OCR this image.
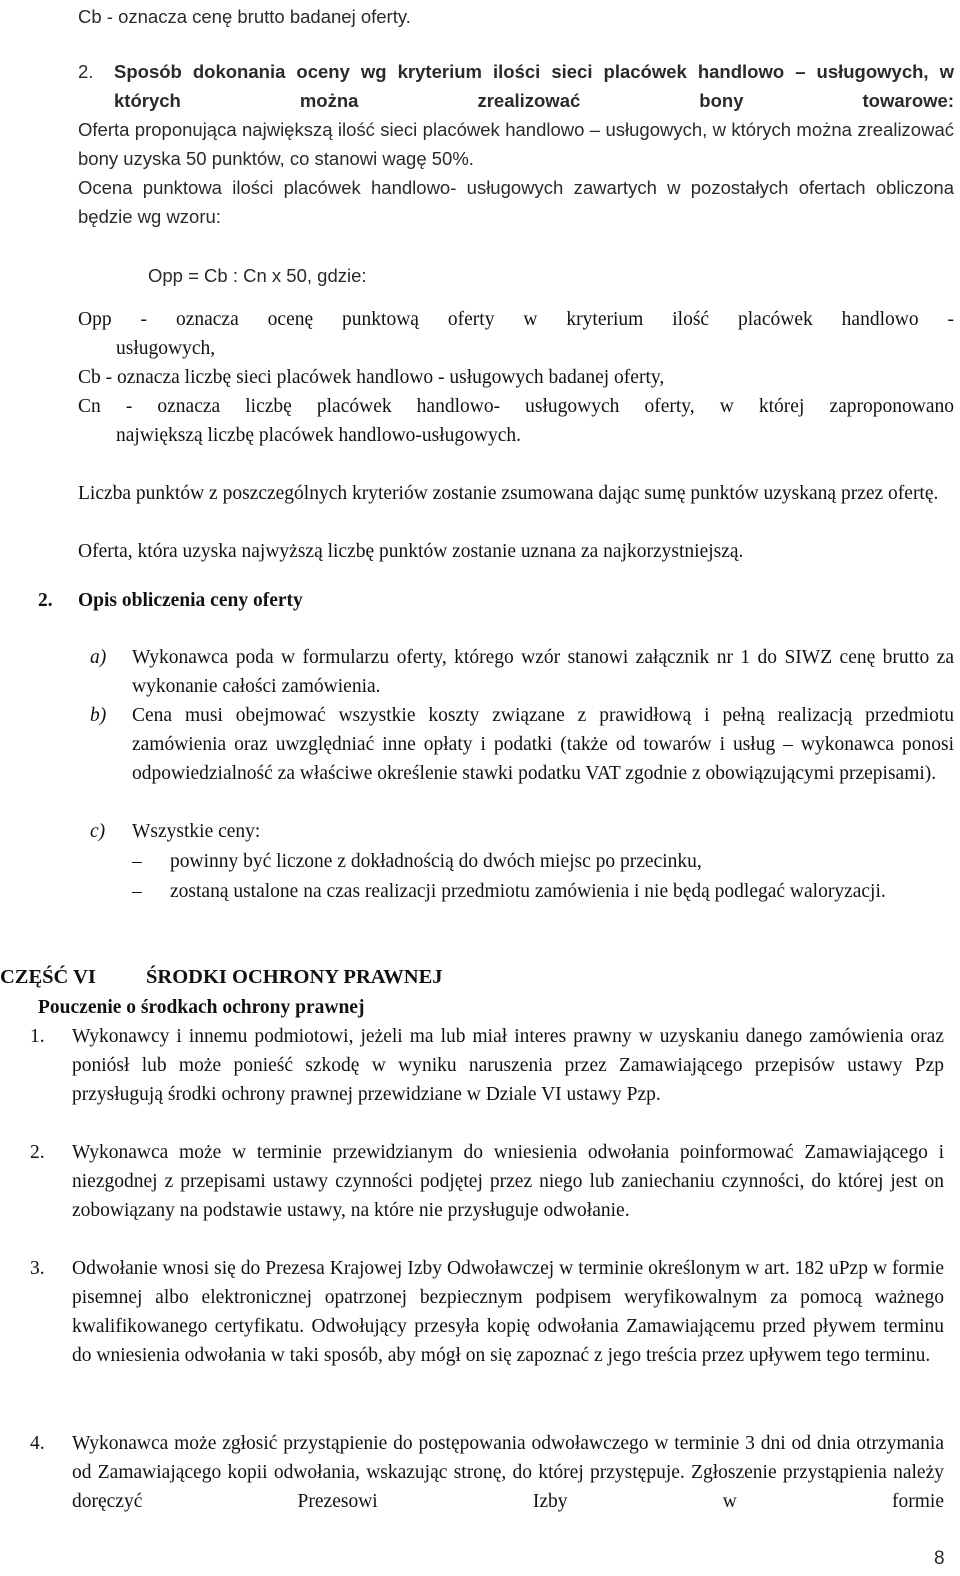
Cb - oznacza cenę brutto badanej oferty.
2. Sposób dokonania oceny wg kryterium ilości sieci placówek handlowo – usługowych, w których można zrealizować bony towarowe:
Oferta proponująca największą ilość sieci placówek handlowo – usługowych, w których można zrealizować bony uzyska 50 punktów, co stanowi wagę 50%.
Ocena punktowa ilości placówek handlowo- usługowych zawartych w pozostałych ofertach obliczona będzie wg wzoru:
Opp = Cb : Cn x 50, gdzie:
Opp - oznacza ocenę punktową oferty w kryterium ilość placówek handlowo -
usługowych,
Cb - oznacza liczbę sieci placówek handlowo - usługowych badanej oferty,
Cn - oznacza liczbę placówek handlowo- usługowych oferty, w której zaproponowano
największą liczbę placówek handlowo-usługowych.
Liczba punktów z poszczególnych kryteriów zostanie zsumowana dając sumę punktów uzyskaną przez ofertę.
Oferta, która uzyska najwyższą liczbę punktów zostanie uznana za najkorzystniejszą.
2. Opis obliczenia ceny oferty
a) Wykonawca poda w formularzu oferty, którego wzór stanowi załącznik nr 1 do SIWZ cenę brutto za wykonanie całości zamówienia.
b) Cena musi obejmować wszystkie koszty związane z prawidłową i pełną realizacją przedmiotu zamówienia oraz uwzględniać inne opłaty i podatki (także od towarów i usług – wykonawca ponosi odpowiedzialność za właściwe określenie stawki podatku VAT zgodnie z obowiązującymi przepisami).
c) Wszystkie ceny:
– powinny być liczone z dokładnością do dwóch miejsc po przecinku,
– zostaną ustalone na czas realizacji przedmiotu zamówienia i nie będą podlegać waloryzacji.
CZĘŚĆ VI ŚRODKI OCHRONY PRAWNEJ
Pouczenie o środkach ochrony prawnej
1. Wykonawcy i innemu podmiotowi, jeżeli ma lub miał interes prawny w uzyskaniu danego zamówienia oraz poniósł lub może ponieść szkodę w wyniku naruszenia przez Zamawiającego przepisów ustawy Pzp przysługują środki ochrony prawnej przewidziane w Dziale VI ustawy Pzp.
2. Wykonawca może w terminie przewidzianym do wniesienia odwołania poinformować Zamawiającego i niezgodnej z przepisami ustawy czynności podjętej przez niego lub zaniechaniu czynności, do której jest on zobowiązany na podstawie ustawy, na które nie przysługuje odwołanie.
3. Odwołanie wnosi się do Prezesa Krajowej Izby Odwoławczej w terminie określonym w art. 182 uPzp w formie pisemnej albo elektronicznej opatrzonej bezpiecznym podpisem weryfikowalnym za pomocą ważnego kwalifikowanego certyfikatu. Odwołujący przesyła kopię odwołania Zamawiającemu przed pływem terminu do wniesienia odwołania w taki sposób, aby mógł on się zapoznać z jego treścia przez upływem tego terminu.
4. Wykonawca może zgłosić przystąpienie do postępowania odwoławczego w terminie 3 dni od dnia otrzymania od Zamawiającego kopii odwołania, wskazując stronę, do której przystępuje. Zgłoszenie przystąpienia należy doręczyć Prezesowi Izby w formie
8
